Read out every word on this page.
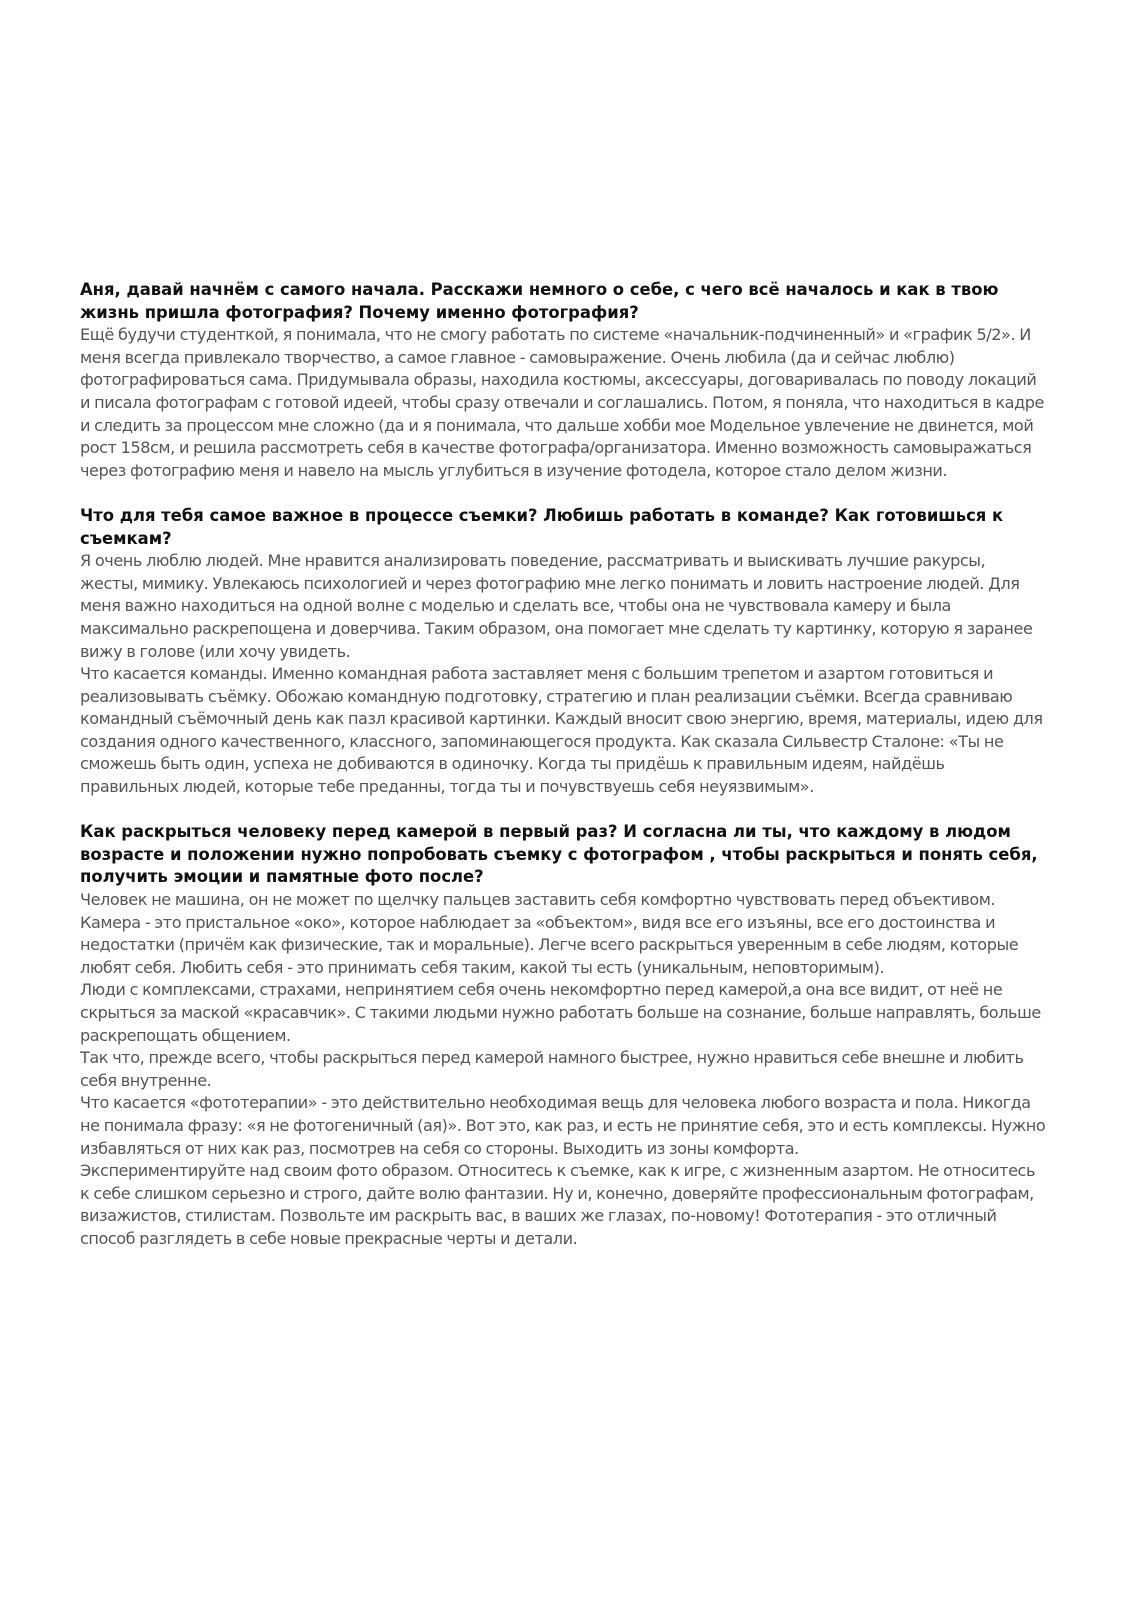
Аня, давай начнём с самого начала. Расскажи немного о себе, с чего всё началось и как в твою жизнь пришла фотография? Почему именно фотография?

Ещё будучи студенткой, я понимала, что не смогу работать по системе «начальник-подчиненный» и «график 5/2». И меня всегда привлекало творчество, а самое главное - самовыражение. Очень любила (да и сейчас люблю) фотографироваться сама. Придумывала образы, находила костюмы, аксессуары, договаривалась по поводу локаций и писала фотографам с готовой идеей, чтобы сразу отвечали и соглашались. Потом, я поняла, что находиться в кадре и следить за процессом мне сложно (да и я понимала, что дальше хобби мое Модельное увлечение не двинется, мой рост 158см, и решила рассмотреть себя в качестве фотографа/организатора. Именно возможность самовыражаться через фотографию меня и навело на мысль углубиться в изучение фотодела, которое стало делом жизни.

Что для тебя самое важное в процессе съемки? Любишь работать в команде? Как готовишься к съемкам?

Я очень люблю людей. Мне нравится анализировать поведение, рассматривать и выискивать лучшие ракурсы, жесты, мимику. Увлекаюсь психологией и через фотографию мне легко понимать и ловить настроение людей. Для меня важно находиться на одной волне с моделью и сделать все, чтобы она не чувствовала камеру и была максимально раскрепощена и доверчива. Таким образом, она помогает мне сделать ту картинку, которую я заранее вижу в голове (или хочу увидеть.

Что касается команды. Именно командная работа заставляет меня с большим трепетом и азартом готовиться и реализовывать съёмку. Обожаю командную подготовку, стратегию и план реализации съёмки. Всегда сравниваю командный съёмочный день как пазл красивой картинки. Каждый вносит свою энергию, время, материалы, идею для создания одного качественного, классного, запоминающегося продукта. Как сказала Сильвестр Сталоне: «Ты не сможешь быть один, успеха не добиваются в одиночку. Когда ты придёшь к правильным идеям, найдёшь правильных людей, которые тебе преданны, тогда ты и почувствуешь себя неуязвимым».

Как раскрыться человеку перед камерой в первый раз? И согласна ли ты, что каждому в людом возрасте и положении нужно попробовать съемку с фотографом , чтобы раскрыться и понять себя, получить эмоции и памятные фото после?

Человек не машина, он не может по щелчку пальцев заставить себя комфортно чувствовать перед объективом. Камера - это пристальное «око», которое наблюдает за «объектом», видя все его изъяны, все его достоинства и недостатки (причём как физические, так и моральные). Легче всего раскрыться уверенным в себе людям, которые любят себя. Любить себя - это принимать себя таким, какой ты есть (уникальным, неповторимым).

Люди с комплексами, страхами, непринятием себя очень некомфортно перед камерой,а она все видит, от неё не скрыться за маской «красавчик». С такими людьми нужно работать больше на сознание, больше направлять, больше раскрепощать общением.

Так что, прежде всего, чтобы раскрыться перед камерой намного быстрее, нужно нравиться себе внешне и любить себя внутренне.

Что касается «фототерапии» - это действительно необходимая вещь для человека любого возраста и пола. Никогда не понимала фразу: «я не фотогеничный (ая)». Вот это, как раз, и есть не принятие себя, это и есть комплексы. Нужно избавляться от них как раз, посмотрев на себя со стороны. Выходить из зоны комфорта.

Экспериментируйте над своим фото образом. Относитесь к съемке, как к игре, с жизненным азартом. Не относитесь к себе слишком серьезно и строго, дайте волю фантазии. Ну и, конечно, доверяйте профессиональным фотографам, визажистов, стилистам. Позвольте им раскрыть вас, в ваших же глазах, по-новому! Фототерапия - это отличный способ разглядеть в себе новые прекрасные черты и детали.
